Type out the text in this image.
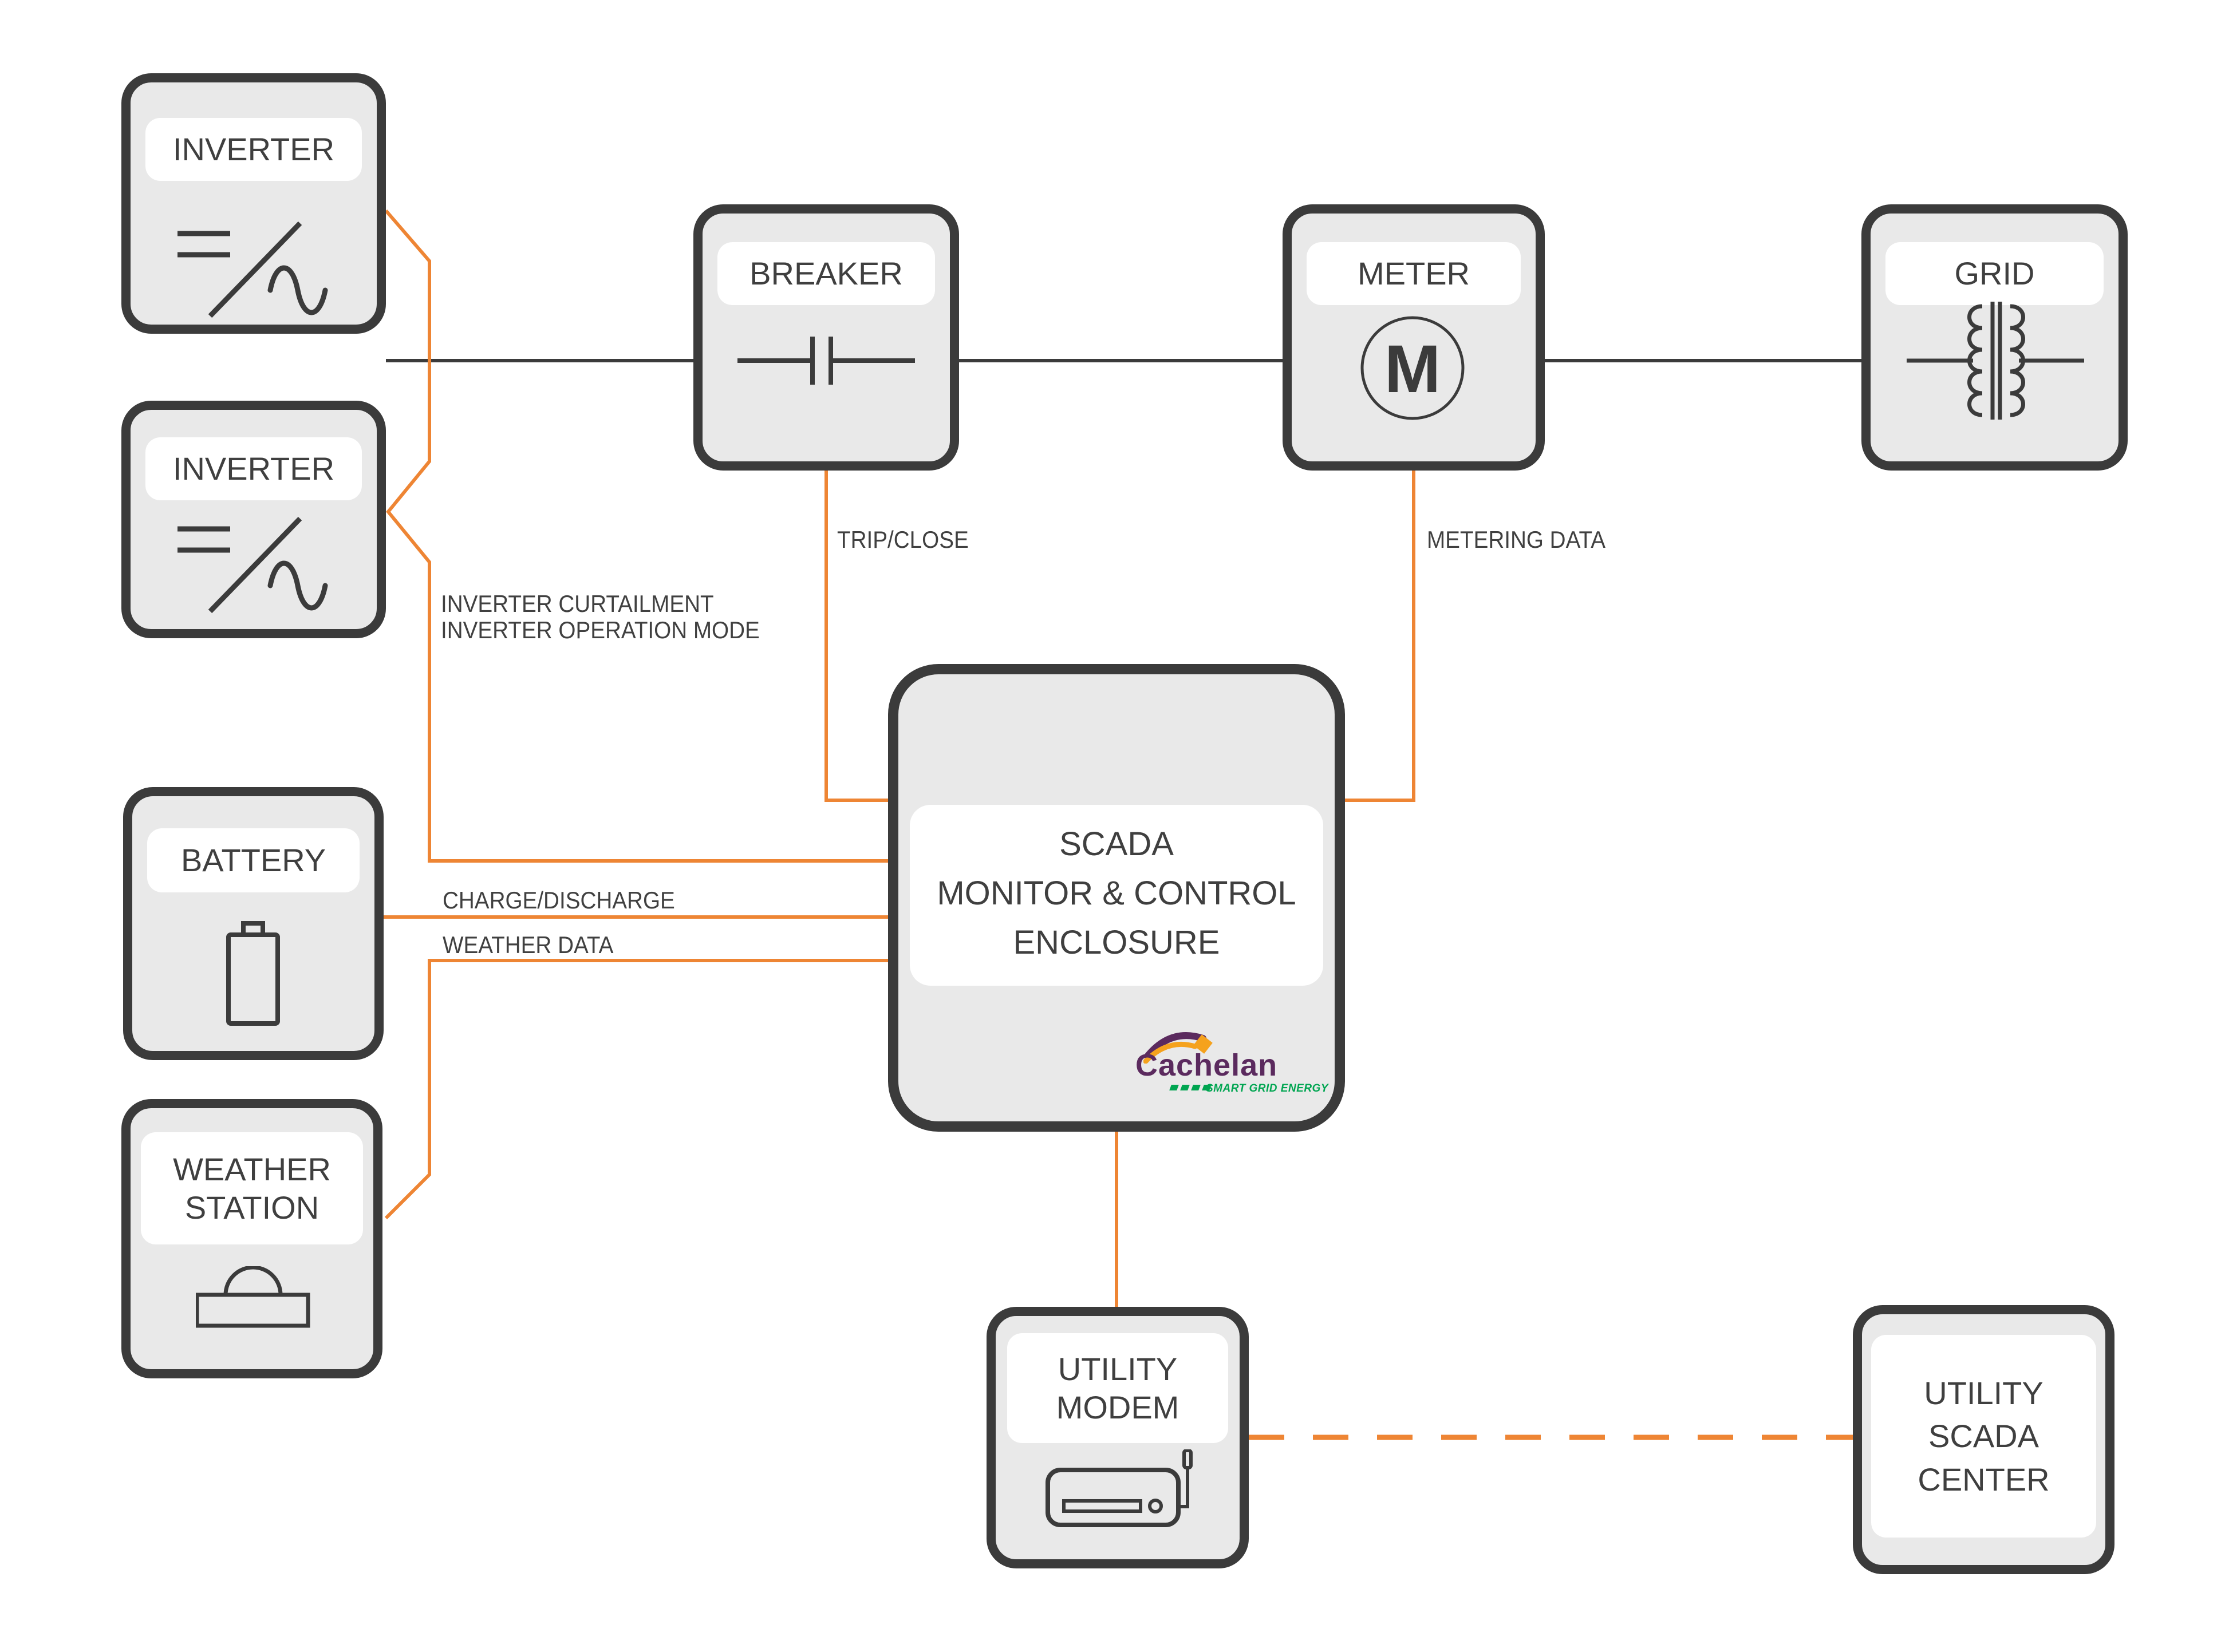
TRIP/CLOSE	METERING DATA
INVERTER CURTAILMENT
INVERTER OPERATION MODE
CHARGE/DISCHARGE
WEATHER DATA
INVERTER
INVERTER
BREAKER	METER
M
GRID
BATTERY
WEATHER STATION
SCADA
MONITOR & CONTROL
ENCLOSURE
Cachelan
SMART GRID ENERGY
UTILITY MODEM	UTILITY SCADA CENTER
